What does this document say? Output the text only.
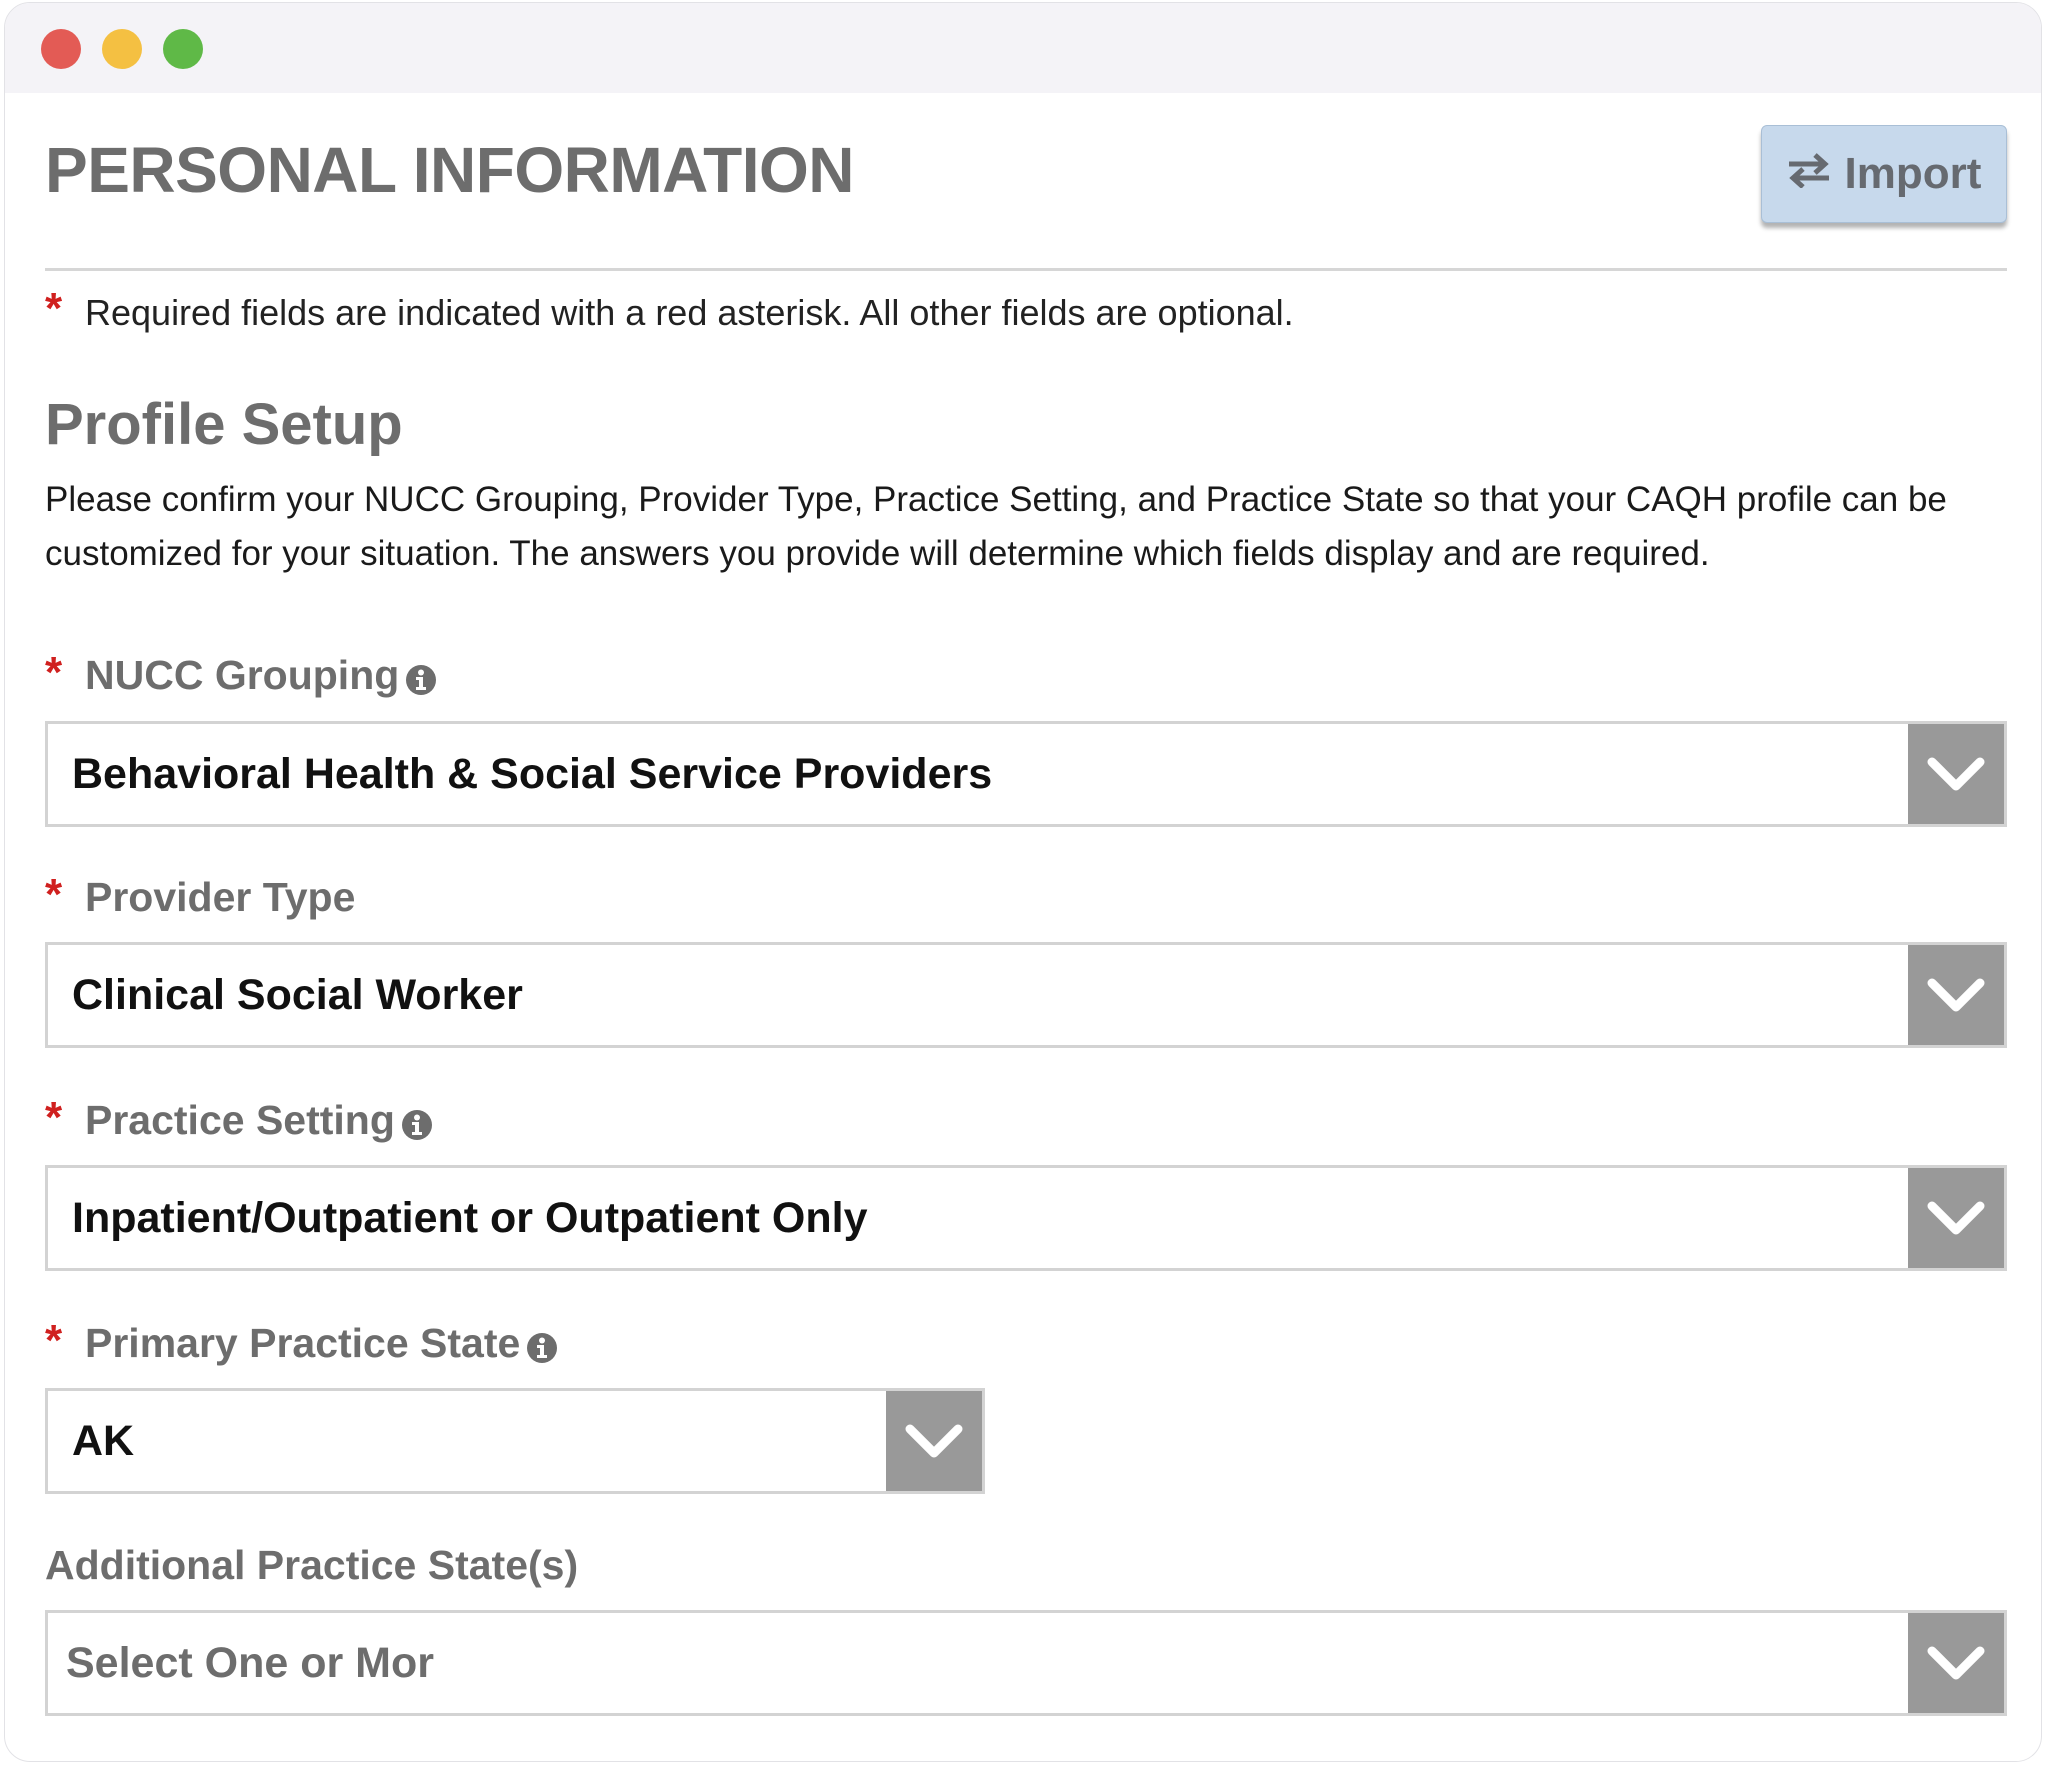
PERSONAL INFORMATION	Import
* Required fields are indicated with a red asterisk. All other fields are optional.
Profile Setup

Please confirm your NUCC Grouping, Provider Type, Practice Setting, and Practice State so that your CAQH profile can be customized for your situation. The answers you provide will determine which fields display and are required.

* NUCC Grouping
Behavioral Health & Social Service Providers
* Provider Type
Clinical Social Worker
* Practice Setting
Inpatient/Outpatient or Outpatient Only
* Primary Practice State
AK
Additional Practice State(s)
Select One or Mor
